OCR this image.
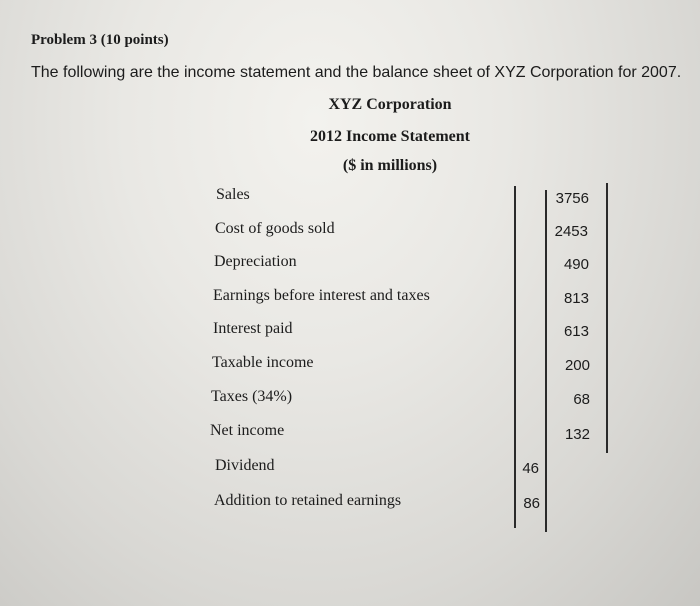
Problem 3 (10 points)
The following are the income statement and the balance sheet of XYZ Corporation for 2007.
XYZ Corporation
2012 Income Statement
($ in millions)
Sales	3756
Cost of goods sold	2453
Depreciation	490
Earnings before interest and taxes	813
Interest paid	613
Taxable income	200
Taxes (34%)	68
Net income	132
Dividend	46
Addition to retained earnings	86
